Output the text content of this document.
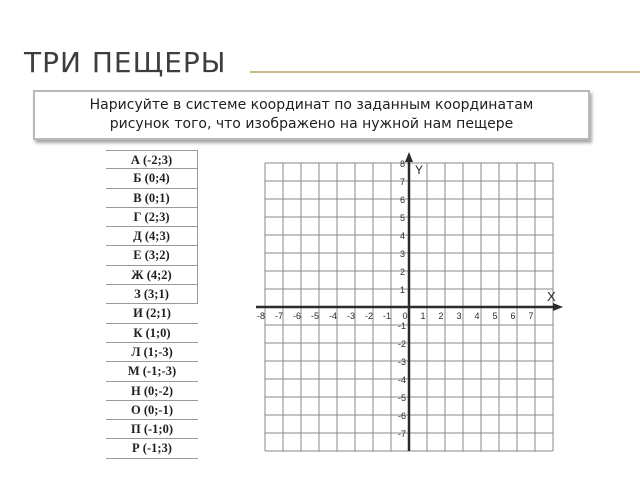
ТРИ ПЕЩЕРЫ
Нарисуйте в системе координат по заданным координатам
рисунок того, что изображено на нужной нам пещере
А (-2;3)
Б (0;4)
В (0;1)
Г (2;3)
Д (4;3)
Е (3;2)
Ж (4;2)
З (3;1)
И (2;1)
К (1;0)
Л (1;-3)
М (-1;-3)
Н (0;-2)
О (0;-1)
П (-1;0)
Р (-1;3)
X
Y
-8 -7 -6 -5 -4 -3 -2 -1 0 1 2 3 4 5 6 7
8
7
6
5
4
3
2
1
-1
-2
-3
-4
-5
-6
-7
